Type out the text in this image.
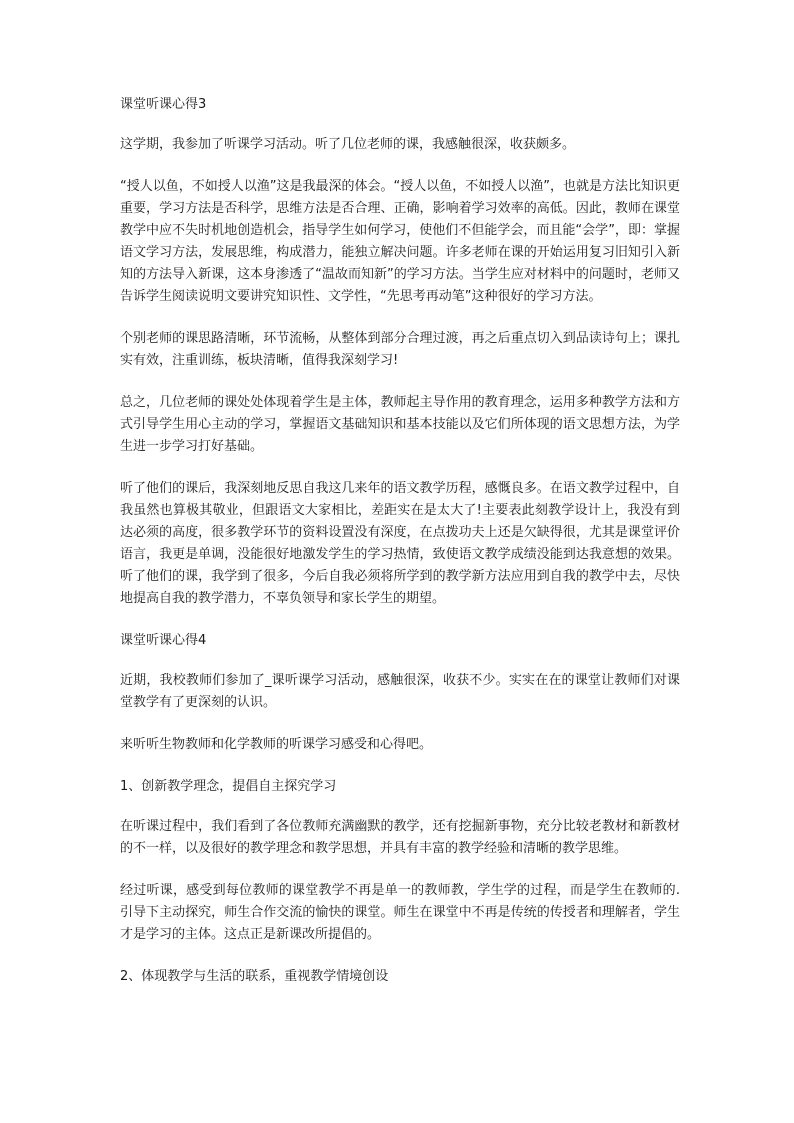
课堂听课心得3

这学期，我参加了听课学习活动。听了几位老师的课，我感触很深，收获颇多。

“授人以鱼，不如授人以渔”这是我最深的体会。“授人以鱼，不如授人以渔”，也就是方法比知识更重要，学习方法是否科学，思维方法是否合理、正确，影响着学习效率的高低。因此，教师在课堂教学中应不失时机地创造机会，指导学生如何学习，使他们不但能学会，而且能“会学”，即：掌握语文学习方法，发展思维，构成潜力，能独立解决问题。许多老师在课的开始运用复习旧知引入新知的方法导入新课，这本身渗透了“温故而知新”的学习方法。当学生应对材料中的问题时，老师又告诉学生阅读说明文要讲究知识性、文学性，“先思考再动笔”这种很好的学习方法。

个别老师的课思路清晰，环节流畅，从整体到部分合理过渡，再之后重点切入到品读诗句上；课扎实有效，注重训练，板块清晰，值得我深刻学习!

总之，几位老师的课处处体现着学生是主体，教师起主导作用的教育理念，运用多种教学方法和方式引导学生用心主动的学习，掌握语文基础知识和基本技能以及它们所体现的语文思想方法，为学生进一步学习打好基础。

听了他们的课后，我深刻地反思自我这几来年的语文教学历程，感慨良多。在语文教学过程中，自我虽然也算极其敬业，但跟语文大家相比，差距实在是太大了!主要表此刻教学设计上，我没有到达必须的高度，很多教学环节的资料设置没有深度，在点拨功夫上还是欠缺得很，尤其是课堂评价语言，我更是单调，没能很好地激发学生的学习热情，致使语文教学成绩没能到达我意想的效果。听了他们的课，我学到了很多，今后自我必须将所学到的教学新方法应用到自我的教学中去，尽快地提高自我的教学潜力，不辜负领导和家长学生的期望。

课堂听课心得4

近期，我校教师们参加了_课听课学习活动，感触很深，收获不少。实实在在的课堂让教师们对课堂教学有了更深刻的认识。

来听听生物教师和化学教师的听课学习感受和心得吧。

1、创新教学理念，提倡自主探究学习

在听课过程中，我们看到了各位教师充满幽默的教学，还有挖掘新事物，充分比较老教材和新教材的不一样，以及很好的教学理念和教学思想，并具有丰富的教学经验和清晰的教学思维。

经过听课，感受到每位教师的课堂教学不再是单一的教师教，学生学的过程，而是学生在教师的.引导下主动探究，师生合作交流的愉快的课堂。师生在课堂中不再是传统的传授者和理解者，学生才是学习的主体。这点正是新课改所提倡的。

2、体现教学与生活的联系，重视教学情境创设
